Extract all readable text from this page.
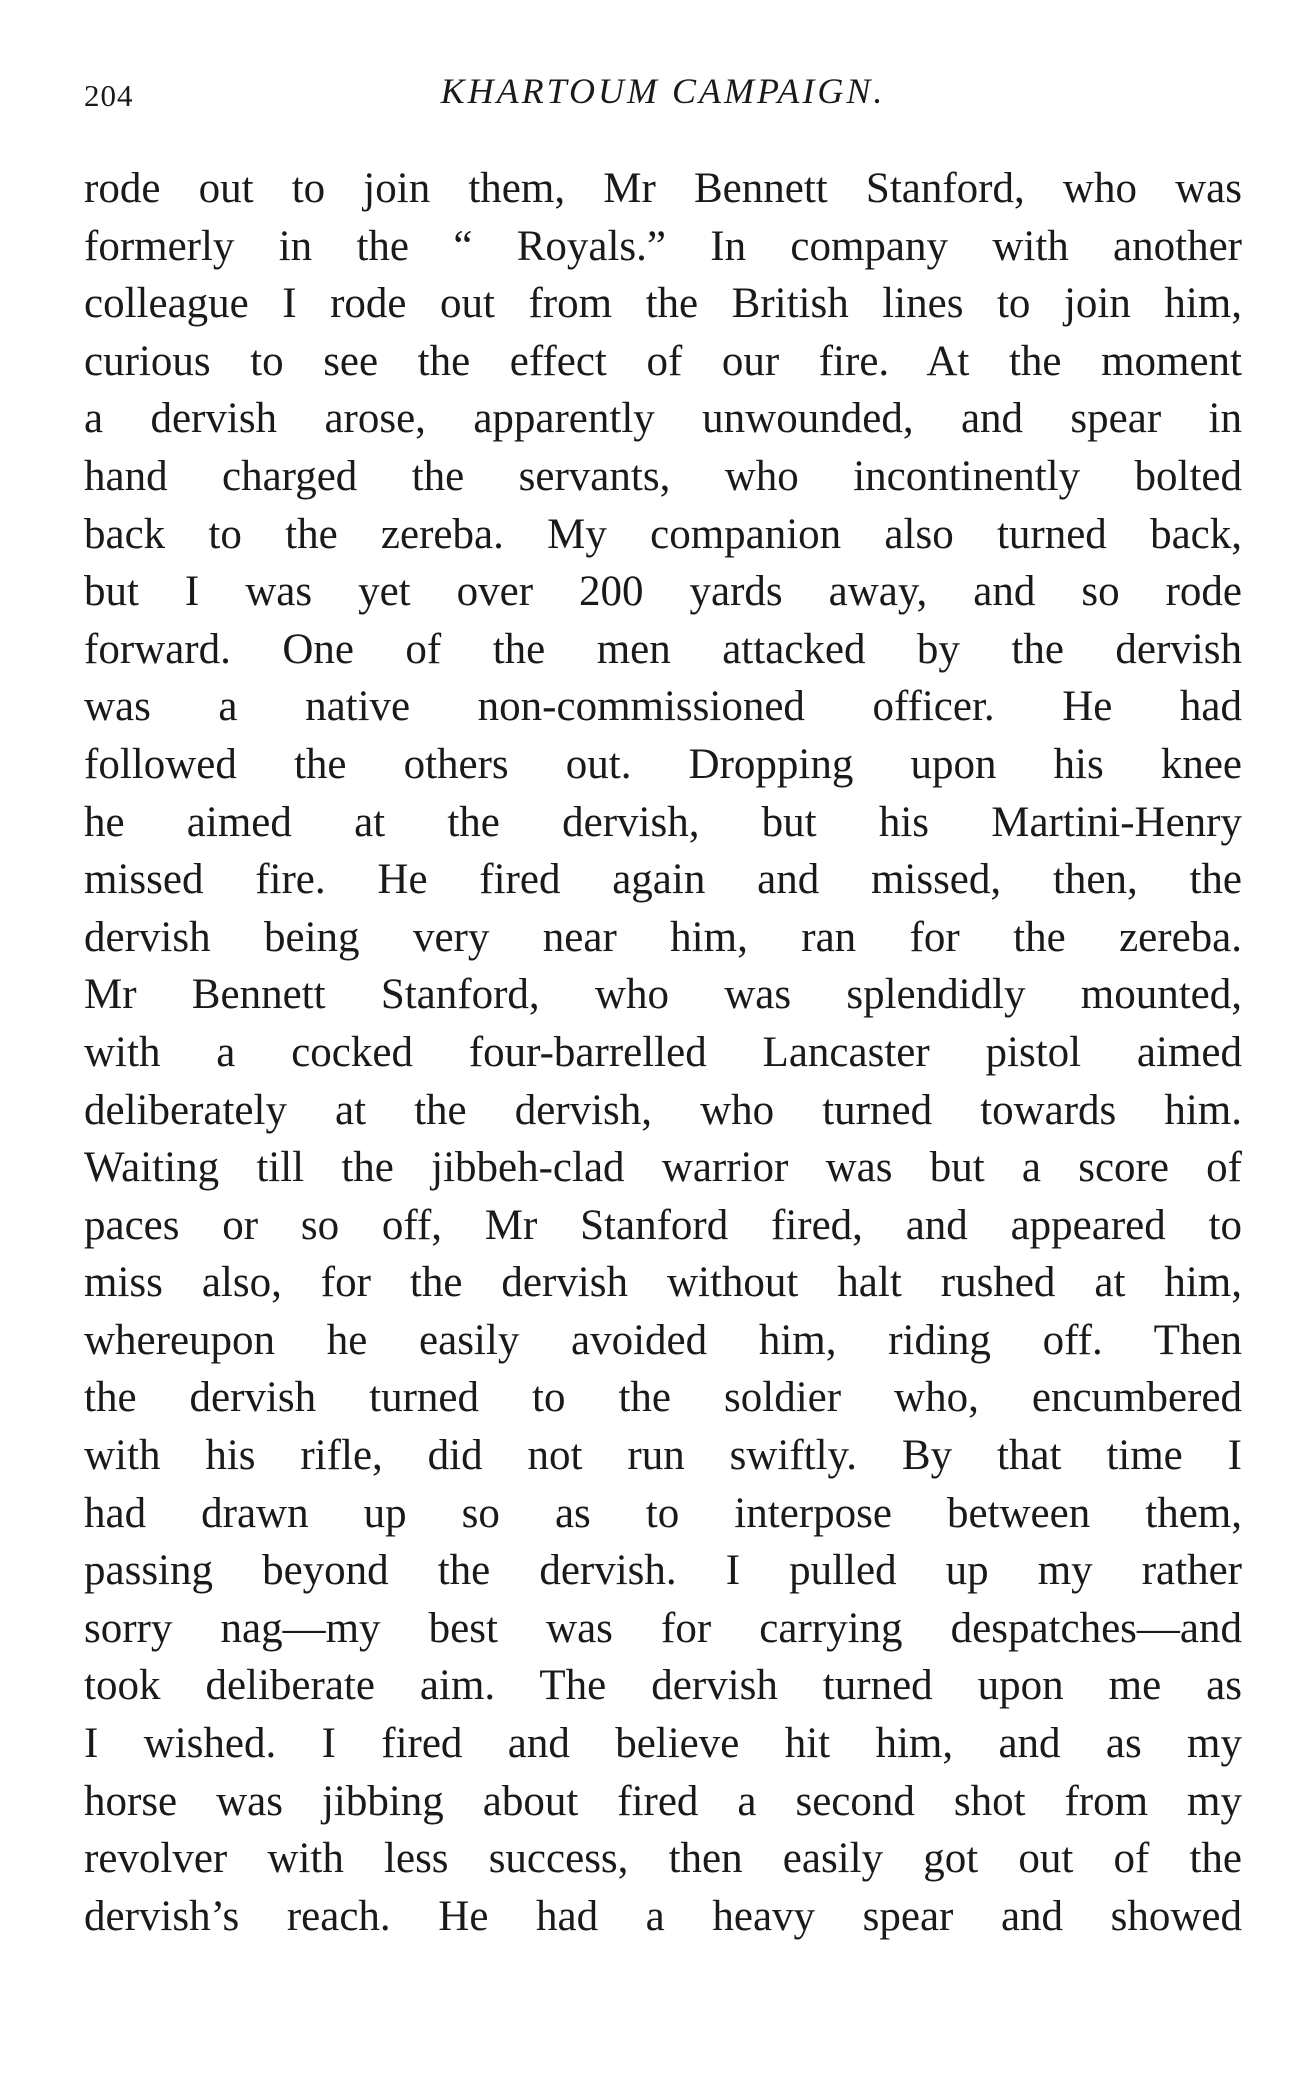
204	KHARTOUM CAMPAIGN.
rode out to join them, Mr Bennett Stanford, who was
formerly in the “ Royals.” In company with another
colleague I rode out from the British lines to join him,
curious to see the effect of our fire. At the moment
a dervish arose, apparently unwounded, and spear in
hand charged the servants, who incontinently bolted
back to the zereba. My companion also turned back,
but I was yet over 200 yards away, and so rode
forward. One of the men attacked by the dervish
was a native non-commissioned officer. He had
followed the others out. Dropping upon his knee
he aimed at the dervish, but his Martini-Henry
missed fire. He fired again and missed, then, the
dervish being very near him, ran for the zereba.
Mr Bennett Stanford, who was splendidly mounted,
with a cocked four-barrelled Lancaster pistol aimed
deliberately at the dervish, who turned towards him.
Waiting till the jibbeh-clad warrior was but a score of
paces or so off, Mr Stanford fired, and appeared to
miss also, for the dervish without halt rushed at him,
whereupon he easily avoided him, riding off. Then
the dervish turned to the soldier who, encumbered
with his rifle, did not run swiftly. By that time I
had drawn up so as to interpose between them,
passing beyond the dervish. I pulled up my rather
sorry nag—my best was for carrying despatches—and
took deliberate aim. The dervish turned upon me as
I wished. I fired and believe hit him, and as my
horse was jibbing about fired a second shot from my
revolver with less success, then easily got out of the
dervish’s reach. He had a heavy spear and showed
